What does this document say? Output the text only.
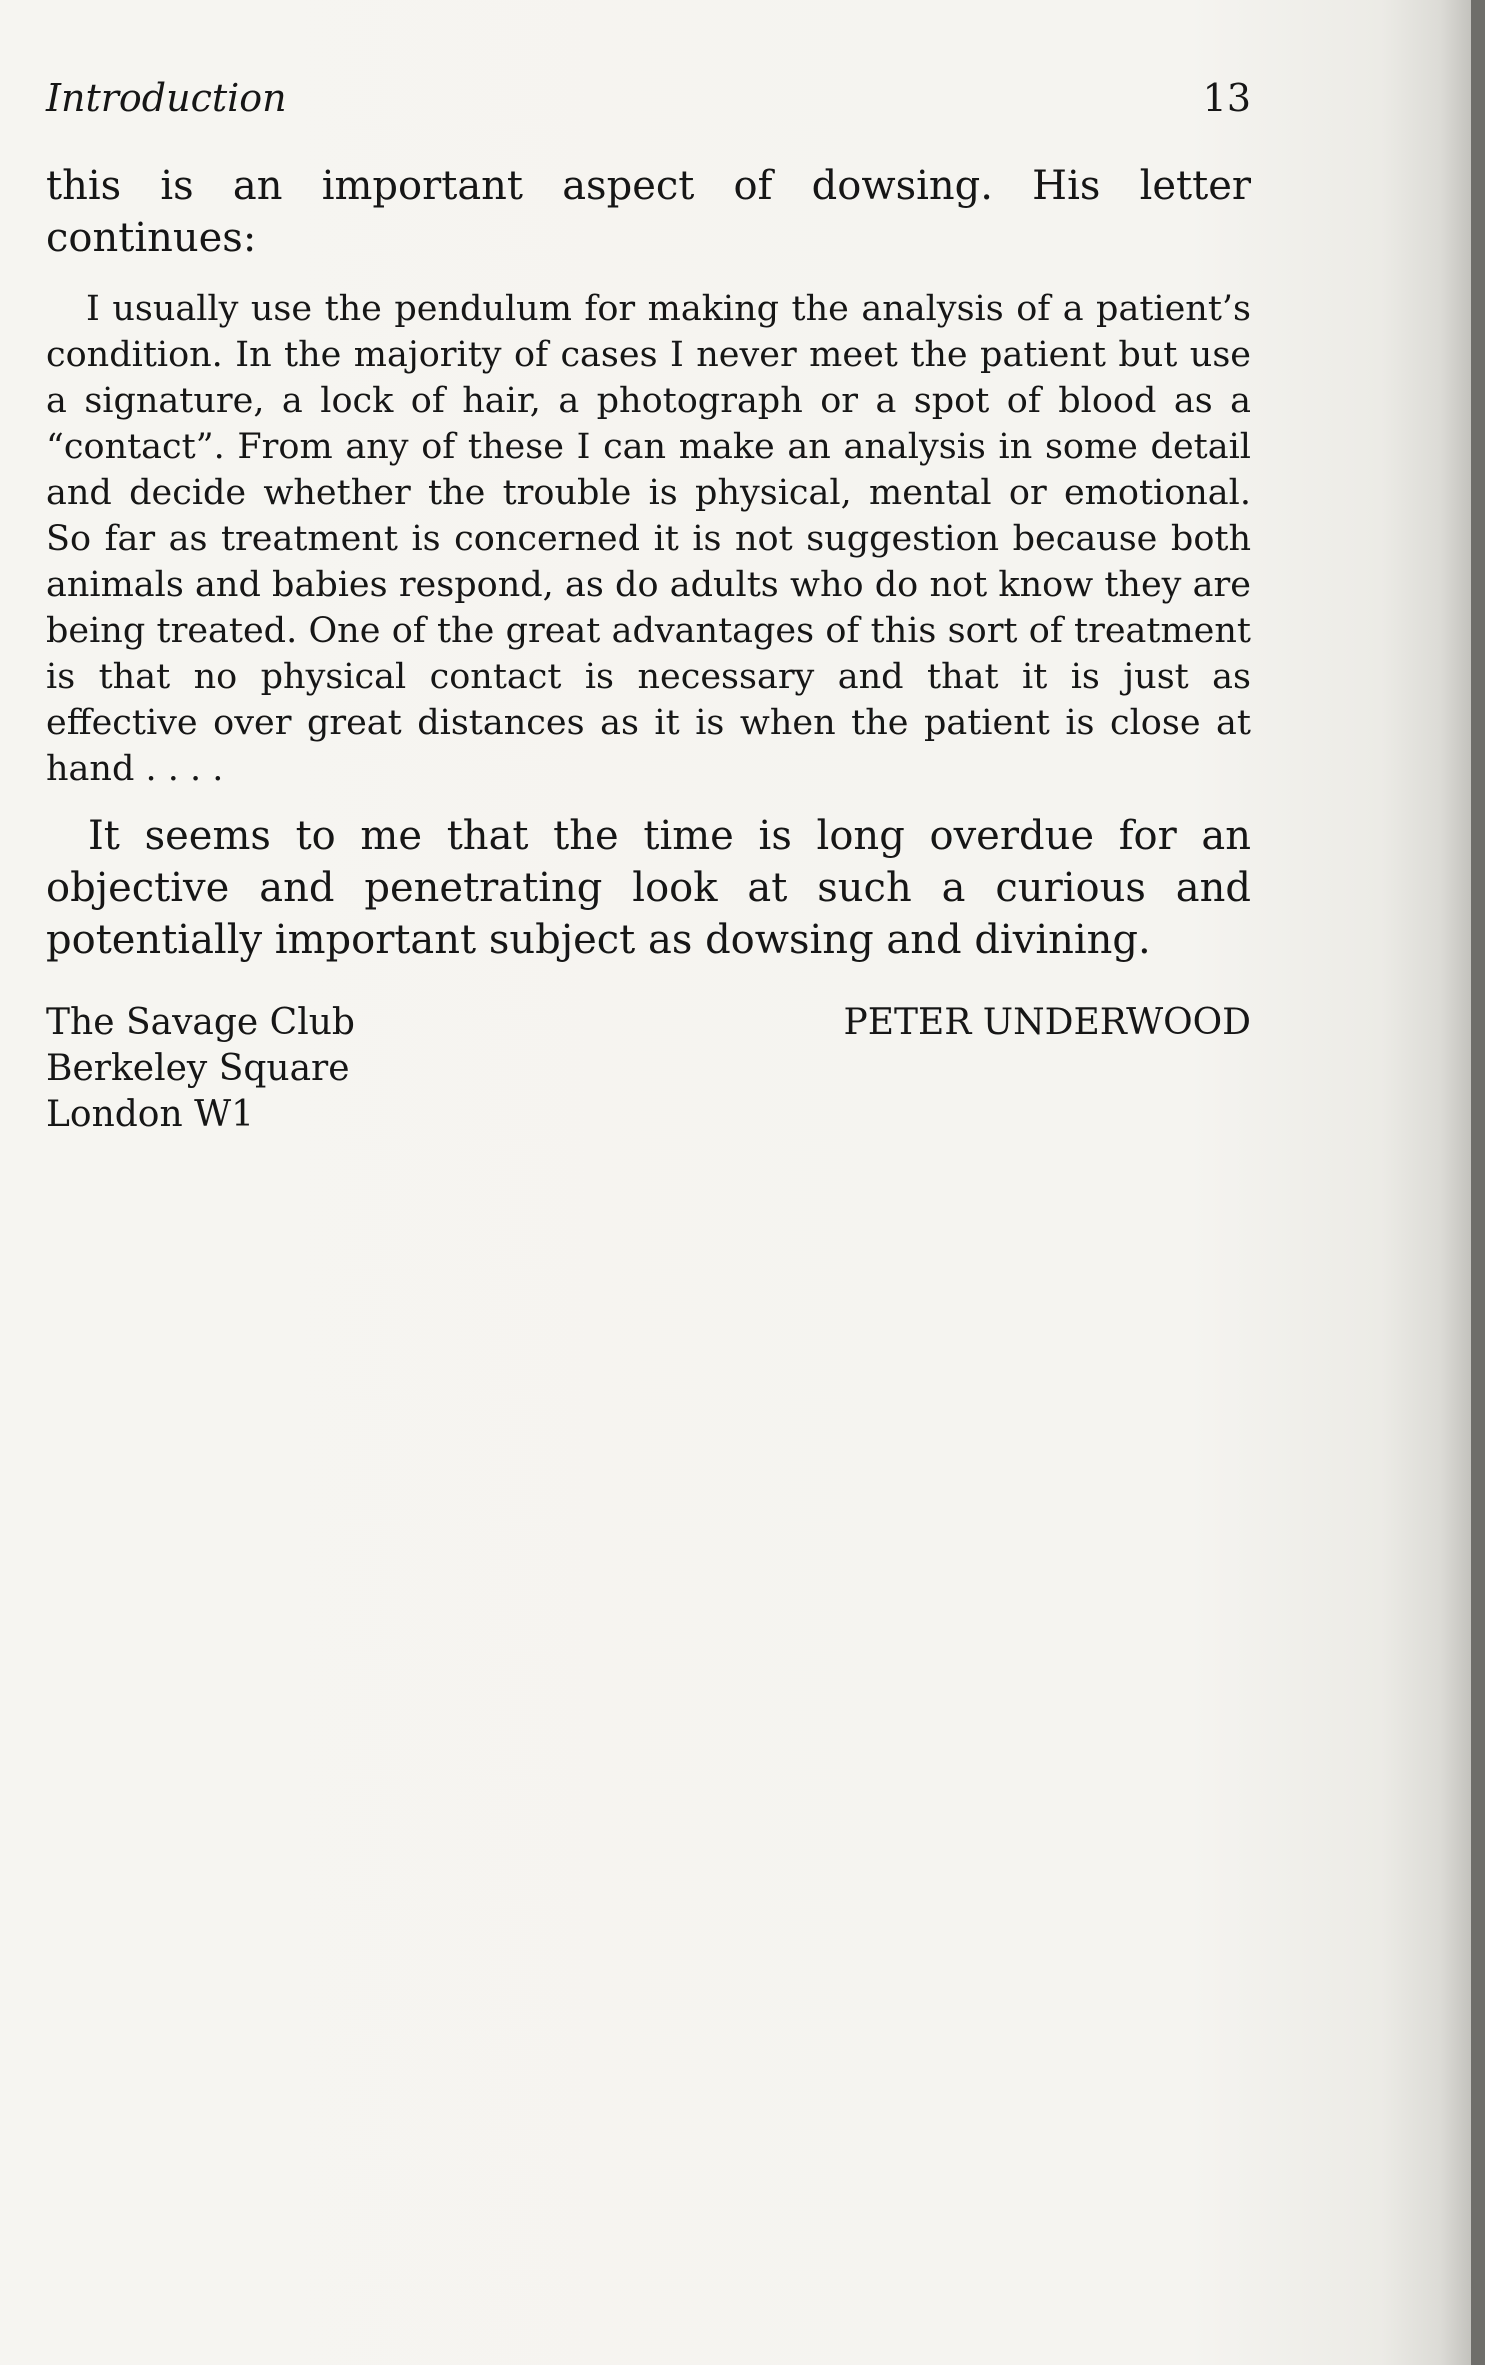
Introduction	13

this is an important aspect of dowsing. His letter continues:

I usually use the pendulum for making the analysis of a patient’s condition. In the majority of cases I never meet the patient but use a signature, a lock of hair, a photograph or a spot of blood as a “contact”. From any of these I can make an analysis in some detail and decide whether the trouble is physical, mental or emotional. So far as treatment is concerned it is not suggestion because both animals and babies respond, as do adults who do not know they are being treated. One of the great advantages of this sort of treatment is that no physical contact is necessary and that it is just as effective over great distances as it is when the patient is close at hand . . . .

It seems to me that the time is long overdue for an objective and penetrating look at such a curious and potentially important subject as dowsing and divining.

The Savage Club
Berkeley Square
London W1
PETER UNDERWOOD
